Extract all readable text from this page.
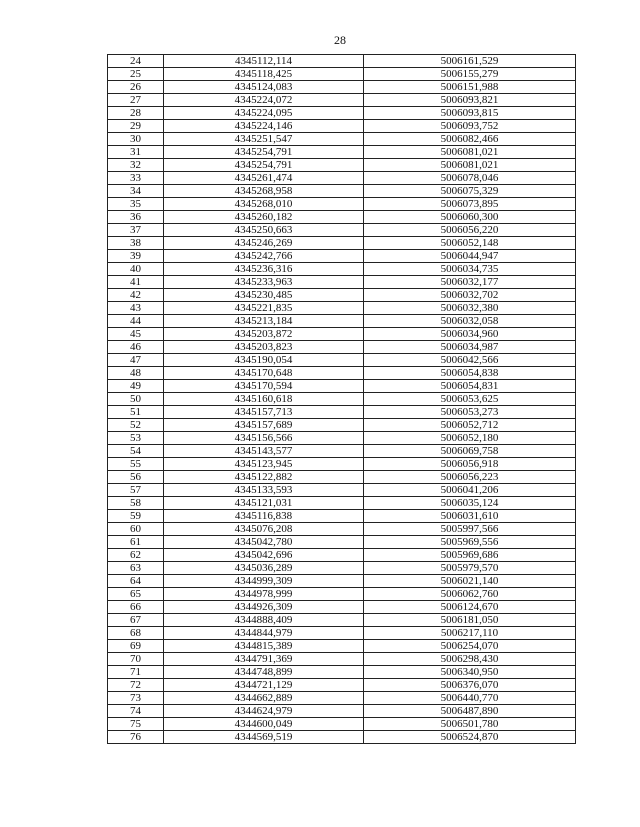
28
24	4345112,114	5006161,529
25	4345118,425	5006155,279
26	4345124,083	5006151,988
27	4345224,072	5006093,821
28	4345224,095	5006093,815
29	4345224,146	5006093,752
30	4345251,547	5006082,466
31	4345254,791	5006081,021
32	4345254,791	5006081,021
33	4345261,474	5006078,046
34	4345268,958	5006075,329
35	4345268,010	5006073,895
36	4345260,182	5006060,300
37	4345250,663	5006056,220
38	4345246,269	5006052,148
39	4345242,766	5006044,947
40	4345236,316	5006034,735
41	4345233,963	5006032,177
42	4345230,485	5006032,702
43	4345221,835	5006032,380
44	4345213,184	5006032,058
45	4345203,872	5006034,960
46	4345203,823	5006034,987
47	4345190,054	5006042,566
48	4345170,648	5006054,838
49	4345170,594	5006054,831
50	4345160,618	5006053,625
51	4345157,713	5006053,273
52	4345157,689	5006052,712
53	4345156,566	5006052,180
54	4345143,577	5006069,758
55	4345123,945	5006056,918
56	4345122,882	5006056,223
57	4345133,593	5006041,206
58	4345121,031	5006035,124
59	4345116,838	5006031,610
60	4345076,208	5005997,566
61	4345042,780	5005969,556
62	4345042,696	5005969,686
63	4345036,289	5005979,570
64	4344999,309	5006021,140
65	4344978,999	5006062,760
66	4344926,309	5006124,670
67	4344888,409	5006181,050
68	4344844,979	5006217,110
69	4344815,389	5006254,070
70	4344791,369	5006298,430
71	4344748,899	5006340,950
72	4344721,129	5006376,070
73	4344662,889	5006440,770
74	4344624,979	5006487,890
75	4344600,049	5006501,780
76	4344569,519	5006524,870
